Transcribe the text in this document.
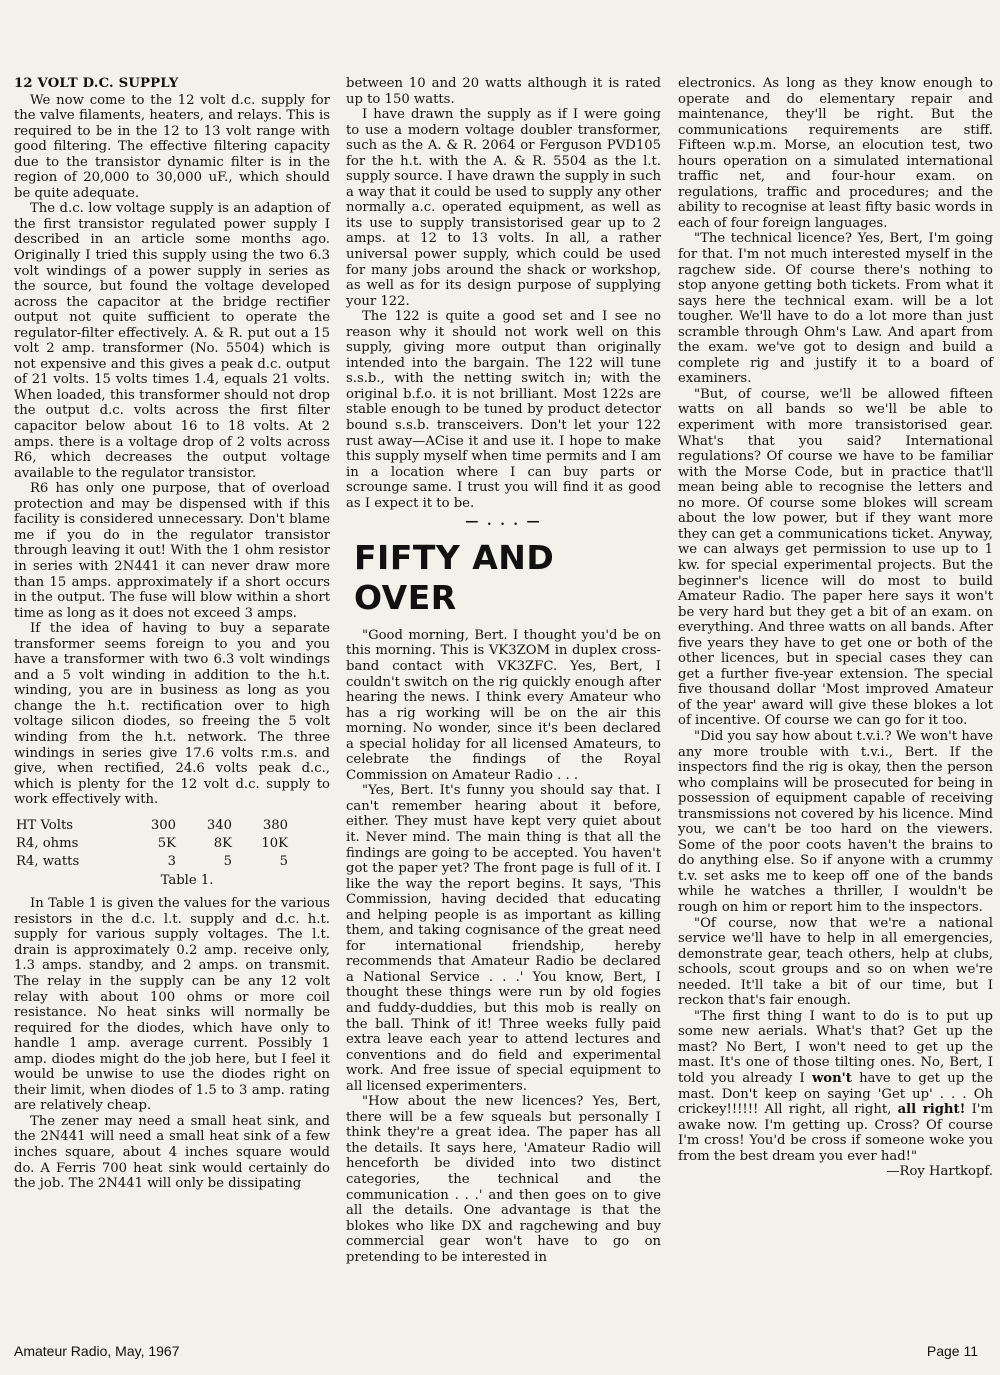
12 VOLT D.C. SUPPLY

We now come to the 12 volt d.c. supply for the valve filaments, heaters, and relays. This is required to be in the 12 to 13 volt range with good filtering. The effective filtering capacity due to the transistor dynamic filter is in the region of 20,000 to 30,000 uF., which should be quite adequate.

The d.c. low voltage supply is an adaption of the first transistor regulated power supply I described in an article some months ago. Originally I tried this supply using the two 6.3 volt windings of a power supply in series as the source, but found the voltage developed across the capacitor at the bridge rectifier output not quite sufficient to operate the regulator-filter effectively. A. & R. put out a 15 volt 2 amp. transformer (No. 5504) which is not expensive and this gives a peak d.c. output of 21 volts. 15 volts times 1.4, equals 21 volts. When loaded, this transformer should not drop the output d.c. volts across the first filter capacitor below about 16 to 18 volts. At 2 amps. there is a voltage drop of 2 volts across R6, which decreases the output voltage available to the regulator transistor.

R6 has only one purpose, that of overload protection and may be dispensed with if this facility is considered unnecessary. Don't blame me if you do in the regulator transistor through leaving it out! With the 1 ohm resistor in series with 2N441 it can never draw more than 15 amps. approximately if a short occurs in the output. The fuse will blow within a short time as long as it does not exceed 3 amps.

If the idea of having to buy a separate transformer seems foreign to you and you have a transformer with two 6.3 volt windings and a 5 volt winding in addition to the h.t. winding, you are in business as long as you change the h.t. rectification over to high voltage silicon diodes, so freeing the 5 volt winding from the h.t. network. The three windings in series give 17.6 volts r.m.s. and give, when rectified, 24.6 volts peak d.c., which is plenty for the 12 volt d.c. supply to work effectively with.

HT Volts	300	340	380
R4, ohms	5K	8K	10K
R4, watts	3	5	5

Table 1.

In Table 1 is given the values for the various resistors in the d.c. l.t. supply and d.c. h.t. supply for various supply voltages. The l.t. drain is approximately 0.2 amp. receive only, 1.3 amps. standby, and 2 amps. on transmit. The relay in the supply can be any 12 volt relay with about 100 ohms or more coil resistance. No heat sinks will normally be required for the diodes, which have only to handle 1 amp. average current. Possibly 1 amp. diodes might do the job here, but I feel it would be unwise to use the diodes right on their limit, when diodes of 1.5 to 3 amp. rating are relatively cheap.

The zener may need a small heat sink, and the 2N441 will need a small heat sink of a few inches square, about 4 inches square would do. A Ferris 700 heat sink would certainly do the job. The 2N441 will only be dissipating

between 10 and 20 watts although it is rated up to 150 watts.

I have drawn the supply as if I were going to use a modern voltage doubler transformer, such as the A. & R. 2064 or Ferguson PVD105 for the h.t. with the A. & R. 5504 as the l.t. supply source. I have drawn the supply in such a way that it could be used to supply any other normally a.c. operated equipment, as well as its use to supply transistorised gear up to 2 amps. at 12 to 13 volts. In all, a rather universal power supply, which could be used for many jobs around the shack or workshop, as well as for its design purpose of supplying your 122.

The 122 is quite a good set and I see no reason why it should not work well on this supply, giving more output than originally intended into the bargain. The 122 will tune s.s.b., with the netting switch in; with the original b.f.o. it is not brilliant. Most 122s are stable enough to be tuned by product detector bound s.s.b. transceivers. Don't let your 122 rust away—ACise it and use it. I hope to make this supply myself when time permits and I am in a location where I can buy parts or scrounge same. I trust you will find it as good as I expect it to be.

— . . . —

FIFTY AND OVER

"Good morning, Bert. I thought you'd be on this morning. This is VK3ZOM in duplex cross-band contact with VK3ZFC. Yes, Bert, I couldn't switch on the rig quickly enough after hearing the news. I think every Amateur who has a rig working will be on the air this morning. No wonder, since it's been declared a special holiday for all licensed Amateurs, to celebrate the findings of the Royal Commission on Amateur Radio . . .

"Yes, Bert. It's funny you should say that. I can't remember hearing about it before, either. They must have kept very quiet about it. Never mind. The main thing is that all the findings are going to be accepted. You haven't got the paper yet? The front page is full of it. I like the way the report begins. It says, 'This Commission, having decided that educating and helping people is as important as killing them, and taking cognisance of the great need for international friendship, hereby recommends that Amateur Radio be declared a National Service . . .' You know, Bert, I thought these things were run by old fogies and fuddy-duddies, but this mob is really on the ball. Think of it! Three weeks fully paid extra leave each year to attend lectures and conventions and do field and experimental work. And free issue of special equipment to all licensed experimenters.

"How about the new licences? Yes, Bert, there will be a few squeals but personally I think they're a great idea. The paper has all the details. It says here, 'Amateur Radio will henceforth be divided into two distinct categories, the technical and the communication . . .' and then goes on to give all the details. One advantage is that the blokes who like DX and ragchewing and buy commercial gear won't have to go on pretending to be interested in

electronics. As long as they know enough to operate and do elementary repair and maintenance, they'll be right. But the communications requirements are stiff. Fifteen w.p.m. Morse, an elocution test, two hours operation on a simulated international traffic net, and four-hour exam. on regulations, traffic and procedures; and the ability to recognise at least fifty basic words in each of four foreign languages.

"The technical licence? Yes, Bert, I'm going for that. I'm not much interested myself in the ragchew side. Of course there's nothing to stop anyone getting both tickets. From what it says here the technical exam. will be a lot tougher. We'll have to do a lot more than just scramble through Ohm's Law. And apart from the exam. we've got to design and build a complete rig and justify it to a board of examiners.

"But, of course, we'll be allowed fifteen watts on all bands so we'll be able to experiment with more transistorised gear. What's that you said? International regulations? Of course we have to be familiar with the Morse Code, but in practice that'll mean being able to recognise the letters and no more. Of course some blokes will scream about the low power, but if they want more they can get a communications ticket. Anyway, we can always get permission to use up to 1 kw. for special experimental projects. But the beginner's licence will do most to build Amateur Radio. The paper here says it won't be very hard but they get a bit of an exam. on everything. And three watts on all bands. After five years they have to get one or both of the other licences, but in special cases they can get a further five-year extension. The special five thousand dollar 'Most improved Amateur of the year' award will give these blokes a lot of incentive. Of course we can go for it too.

"Did you say how about t.v.i.? We won't have any more trouble with t.v.i., Bert. If the inspectors find the rig is okay, then the person who complains will be prosecuted for being in possession of equipment capable of receiving transmissions not covered by his licence. Mind you, we can't be too hard on the viewers. Some of the poor coots haven't the brains to do anything else. So if anyone with a crummy t.v. set asks me to keep off one of the bands while he watches a thriller, I wouldn't be rough on him or report him to the inspectors.

"Of course, now that we're a national service we'll have to help in all emergencies, demonstrate gear, teach others, help at clubs, schools, scout groups and so on when we're needed. It'll take a bit of our time, but I reckon that's fair enough.

"The first thing I want to do is to put up some new aerials. What's that? Get up the mast? No Bert, I won't need to get up the mast. It's one of those tilting ones. No, Bert, I told you already I won't have to get up the mast. Don't keep on saying 'Get up' . . . Oh crickey!!!!!! All right, all right, all right! I'm awake now. I'm getting up. Cross? Of course I'm cross! You'd be cross if someone woke you from the best dream you ever had!"

—Roy Hartkopf.

Amateur Radio, May, 1967	Page 11
